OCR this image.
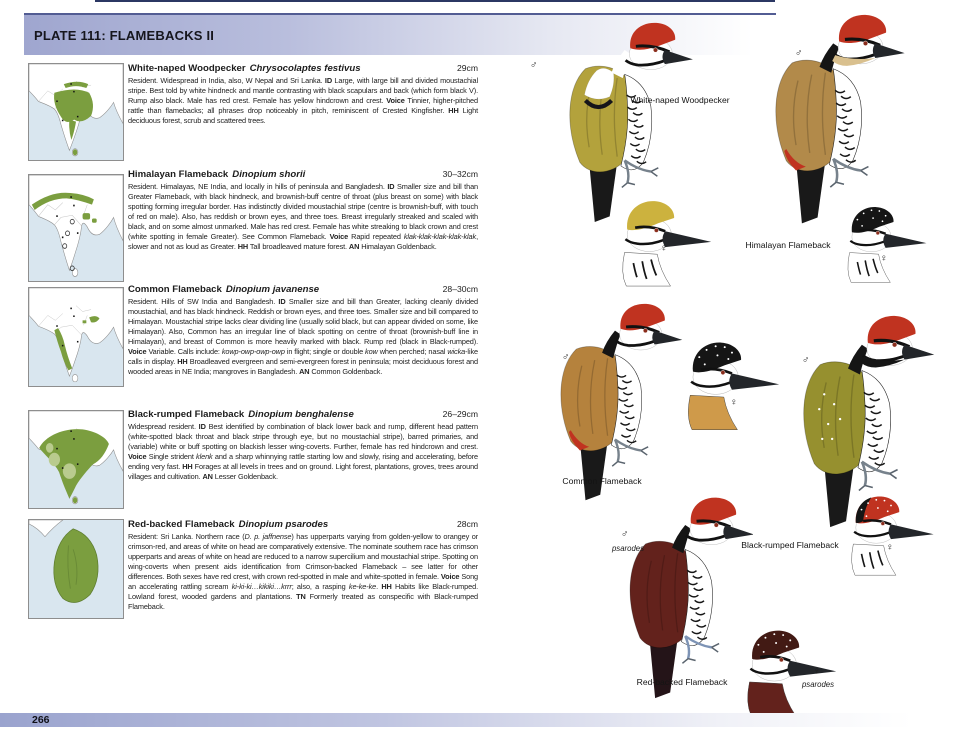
PLATE 111: FLAMEBACKS II
White-naped Woodpecker Chrysocolaptes festivus	29cm

Resident. Widespread in India, also, W Nepal and Sri Lanka. ID Large, with large bill and divided moustachial stripe. Best told by white hindneck and mantle contrasting with black scapulars and back (which form black V). Rump also black. Male has red crest. Female has yellow hindcrown and crest. Voice Tinnier, higher-pitched rattle than flamebacks; all phrases drop noticeably in pitch, reminiscent of Crested Kingfisher. HH Light deciduous forest, scrub and scattered trees.

Himalayan Flameback Dinopium shorii	30–32cm

Resident. Himalayas, NE India, and locally in hills of peninsula and Bangladesh. ID Smaller size and bill than Greater Flameback, with black hindneck, and brownish-buff centre of throat (plus breast on some) with black spotting forming irregular border. Has indistinctly divided moustachial stripe (centre is brownish-buff, with touch of red on male). Also, has reddish or brown eyes, and three toes. Breast irregularly streaked and scaled with black, and on some almost unmarked. Male has red crest. Female has white streaking to black crown and crest (white spotting in female Greater). See Common Flameback. Voice Rapid repeated klak-klak-klak-klak-klak, slower and not as loud as Greater. HH Tall broadleaved mature forest. AN Himalayan Goldenback.

Common Flameback Dinopium javanense	28–30cm

Resident. Hills of SW India and Bangladesh. ID Smaller size and bill than Greater, lacking cleanly divided moustachial, and has black hindneck. Reddish or brown eyes, and three toes. Smaller size and bill compared to Himalayan. Moustachial stripe lacks clear dividing line (usually solid black, but can appear divided on some, like Himalayan). Also, Common has an irregular line of black spotting on centre of throat (brownish-buff line in Himalayan), and breast of Common is more heavily marked with black. Rump red (black in Black-rumped). Voice Variable. Calls include: kowp-owp-owp-owp in flight; single or double kow when perched; nasal wicka-like calls in display. HH Broadleaved evergreen and semi-evergreen forest in peninsula; moist deciduous forest and wooded areas in NE India; mangroves in Bangladesh. AN Common Goldenback.

Black-rumped Flameback Dinopium benghalense	26–29cm

Widespread resident. ID Best identified by combination of black lower back and rump, different head pattern (white-spotted black throat and black stripe through eye, but no moustachial stripe), barred primaries, and (variable) white or buff spotting on blackish lesser wing-coverts. Further, female has red hindcrown and crest. Voice Single strident klenk and a sharp whinnying rattle starting low and slowly, rising and accelerating, before ending very fast. HH Forages at all levels in trees and on ground. Light forest, plantations, groves, trees around villages and cultivation. AN Lesser Goldenback.

Red-backed Flameback Dinopium psarodes	28cm

Resident: Sri Lanka. Northern race (D. p. jaffnense) has upperparts varying from golden-yellow to orangey or crimson-red, and areas of white on head are comparatively extensive. The nominate southern race has crimson upperparts and areas of white on head are reduced to a narrow supercilium and moustachial stripe. Spotting on wing-coverts when present aids identification from Crimson-backed Flameback – see latter for other differences. Both sexes have red crest, with crown red-spotted in male and white-spotted in female. Voice Song an accelerating rattling scream ki-ki-ki…kikiki…krrr; also, a rasping ke-ke-ke. HH Habits like Black-rumped. Lowland forest, wooded gardens and plantations. TN Formerly treated as conspecific with Black-rumped Flameback.

White-naped Woodpecker
Himalayan Flameback
Common Flameback
Black-rumped Flameback
Red-backed Flameback
♂
♂
♀
♀
♂
♀
♂
♂
psarodes	♀
♀
psarodes
266
